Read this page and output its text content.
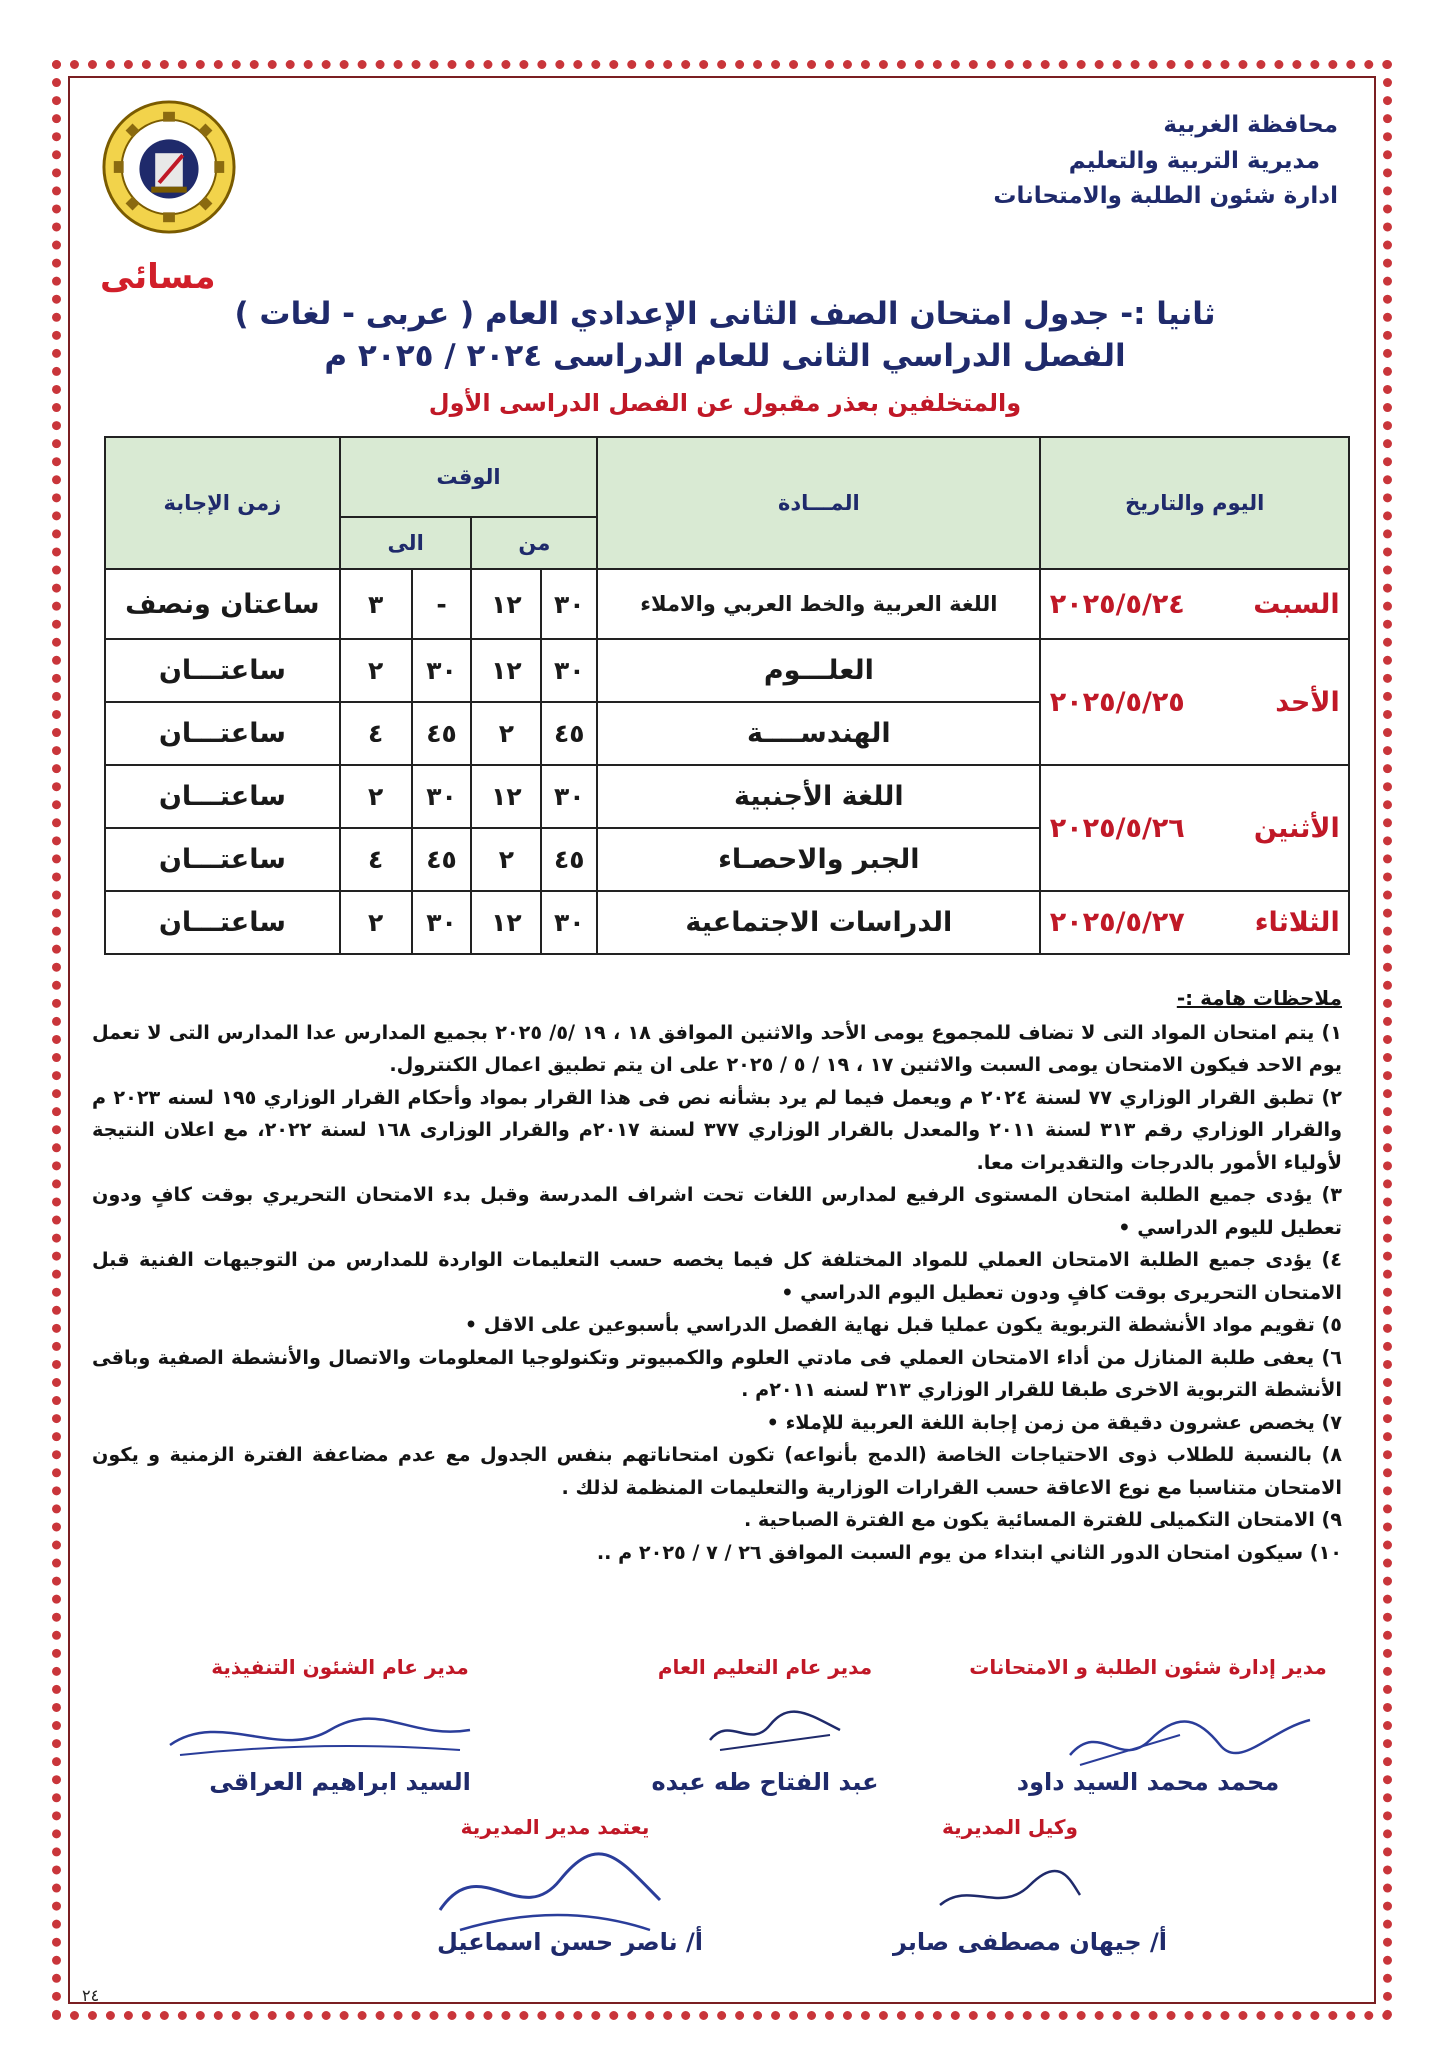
محافظة الغربية
مديرية التربية والتعليم
ادارة شئون الطلبة والامتحانات
مسائى
ثانيا :- جدول امتحان الصف الثانى الإعدادي العام ( عربى - لغات )
الفصل الدراسي الثانى للعام الدراسى ٢٠٢٤ / ٢٠٢٥ م
والمتخلفين بعذر مقبول عن الفصل الدراسى الأول
اليوم والتاريخ	المـــادة	الوقت				زمن الإجابة
		من		الى		
السبت٢٠٢٥/٥/٢٤	اللغة العربية والخط العربي والاملاء	٣٠	١٢	-	٣	ساعتان ونصف
الأحد٢٠٢٥/٥/٢٥	العلـــوم	٣٠	١٢	٣٠	٢	ساعتـــان
	الهندســــة	٤٥	٢	٤٥	٤	ساعتـــان
الأثنين٢٠٢٥/٥/٢٦	اللغة الأجنبية	٣٠	١٢	٣٠	٢	ساعتـــان
	الجبر والاحصـاء	٤٥	٢	٤٥	٤	ساعتـــان
الثلاثاء٢٠٢٥/٥/٢٧	الدراسات الاجتماعية	٣٠	١٢	٣٠	٢	ساعتـــان
ملاحظات هامة :-

١) يتم امتحان المواد التى لا تضاف للمجموع يومى الأحد والاثنين الموافق ١٨ ، ١٩ /٥/ ٢٠٢٥ بجميع المدارس عدا المدارس التى لا تعمل يوم الاحد فيكون الامتحان يومى السبت والاثنين ١٧ ، ١٩ / ٥ / ٢٠٢٥ على ان يتم تطبيق اعمال الكنترول.

٢) تطبق القرار الوزاري ٧٧ لسنة ٢٠٢٤ م ويعمل فيما لم يرد بشأنه نص فى هذا القرار بمواد وأحكام القرار الوزاري ١٩٥ لسنه ٢٠٢٣ م والقرار الوزاري رقم ٣١٣ لسنة ٢٠١١ والمعدل بالقرار الوزاري ٣٧٧ لسنة ٢٠١٧م والقرار الوزارى ١٦٨ لسنة ٢٠٢٢، مع اعلان النتيجة لأولياء الأمور بالدرجات والتقديرات معا.

٣) يؤدى جميع الطلبة امتحان المستوى الرفيع لمدارس اللغات تحت اشراف المدرسة وقبل بدء الامتحان التحريري بوقت كافٍ ودون تعطيل لليوم الدراسي •

٤) يؤدى جميع الطلبة الامتحان العملي للمواد المختلفة كل فيما يخصه حسب التعليمات الواردة للمدارس من التوجيهات الفنية قبل الامتحان التحريرى بوقت كافٍ ودون تعطيل اليوم الدراسي •

٥) تقويم مواد الأنشطة التربوية يكون عمليا قبل نهاية الفصل الدراسي بأسبوعين على الاقل •

٦) يعفى طلبة المنازل من أداء الامتحان العملي فى مادتي العلوم والكمبيوتر وتكنولوجيا المعلومات والاتصال والأنشطة الصفية وباقى الأنشطة التربوية الاخرى طبقا للقرار الوزاري ٣١٣ لسنه ٢٠١١م .

٧) يخصص عشرون دقيقة من زمن إجابة اللغة العربية للإملاء •

٨) بالنسبة للطلاب ذوى الاحتياجات الخاصة (الدمج بأنواعه) تكون امتحاناتهم بنفس الجدول مع عدم مضاعفة الفترة الزمنية و يكون الامتحان متناسبا مع نوع الاعاقة حسب القرارات الوزارية والتعليمات المنظمة لذلك .

٩) الامتحان التكميلى للفترة المسائية يكون مع الفترة الصباحية .

١٠) سيكون امتحان الدور الثاني ابتداء من يوم السبت الموافق ٢٦ / ٧ / ٢٠٢٥ م ..

مدير إدارة شئون الطلبة و الامتحانات
مدير عام التعليم العام
مدير عام الشئون التنفيذية
محمد محمد السيد داود
عبد الفتاح طه عبده
السيد ابراهيم العراقى
وكيل المديرية
يعتمد مدير المديرية
أ/ جيهان مصطفى صابر
أ/ ناصر حسن اسماعيل
٢٤
